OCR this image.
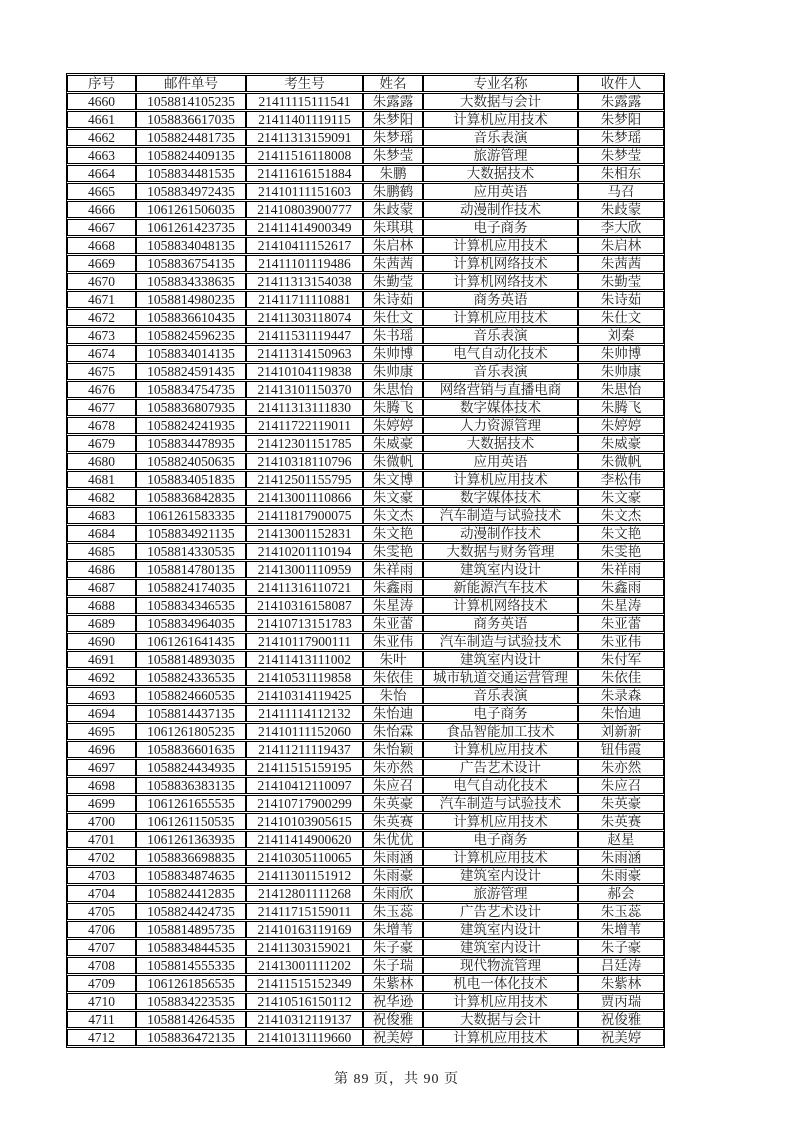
序号	邮件单号	考生号	姓名	专业名称	收件人
4660	1058814105235	21411115111541	朱露露	大数据与会计	朱露露
4661	1058836617035	21411401119115	朱梦阳	计算机应用技术	朱梦阳
4662	1058824481735	21411313159091	朱梦瑶	音乐表演	朱梦瑶
4663	1058824409135	21411516118008	朱梦莹	旅游管理	朱梦莹
4664	1058834481535	21411616151884	朱鹏	大数据技术	朱相东
4665	1058834972435	21410111151603	朱鹏鹤	应用英语	马召
4666	1061261506035	21410803900777	朱歧蒙	动漫制作技术	朱歧蒙
4667	1061261423735	21411414900349	朱琪琪	电子商务	李大欣
4668	1058834048135	21410411152617	朱启林	计算机应用技术	朱启林
4669	1058836754135	21411101119486	朱茜茜	计算机网络技术	朱茜茜
4670	1058834338635	21411313154038	朱勤莹	计算机网络技术	朱勤莹
4671	1058814980235	21411711110881	朱诗茹	商务英语	朱诗茹
4672	1058836610435	21411303118074	朱仕文	计算机应用技术	朱仕文
4673	1058824596235	21411531119447	朱书瑶	音乐表演	刘秦
4674	1058834014135	21411314150963	朱帅博	电气自动化技术	朱帅博
4675	1058824591435	21410104119838	朱帅康	音乐表演	朱帅康
4676	1058834754735	21413101150370	朱思怡	网络营销与直播电商	朱思怡
4677	1058836807935	21411313111830	朱腾飞	数字媒体技术	朱腾飞
4678	1058824241935	21411722119011	朱婷婷	人力资源管理	朱婷婷
4679	1058834478935	21412301151785	朱威豪	大数据技术	朱威豪
4680	1058824050635	21410318110796	朱微帆	应用英语	朱微帆
4681	1058834051835	21412501155795	朱文博	计算机应用技术	李松伟
4682	1058836842835	21413001110866	朱文豪	数字媒体技术	朱文豪
4683	1061261583335	21411817900075	朱文杰	汽车制造与试验技术	朱文杰
4684	1058834921135	21413001152831	朱文艳	动漫制作技术	朱文艳
4685	1058814330535	21410201110194	朱雯艳	大数据与财务管理	朱雯艳
4686	1058814780135	21413001110959	朱祥雨	建筑室内设计	朱祥雨
4687	1058824174035	21411316110721	朱鑫雨	新能源汽车技术	朱鑫雨
4688	1058834346535	21410316158087	朱星涛	计算机网络技术	朱星涛
4689	1058834964035	21410713151783	朱亚蕾	商务英语	朱亚蕾
4690	1061261641435	21410117900111	朱亚伟	汽车制造与试验技术	朱亚伟
4691	1058814893035	21411413111002	朱叶	建筑室内设计	朱付军
4692	1058824336535	21410531119858	朱依佳	城市轨道交通运营管理	朱依佳
4693	1058824660535	21410314119425	朱怡	音乐表演	朱录森
4694	1058814437135	21411114112132	朱怡迪	电子商务	朱怡迪
4695	1061261805235	21410111152060	朱怡霖	食品智能加工技术	刘新新
4696	1058836601635	21411211119437	朱怡颖	计算机应用技术	钮伟霞
4697	1058824434935	21411515159195	朱亦然	广告艺术设计	朱亦然
4698	1058836383135	21410412110097	朱应召	电气自动化技术	朱应召
4699	1061261655535	21410717900299	朱英豪	汽车制造与试验技术	朱英豪
4700	1061261150535	21410103905615	朱英赛	计算机应用技术	朱英赛
4701	1061261363935	21411414900620	朱优优	电子商务	赵星
4702	1058836698835	21410305110065	朱雨涵	计算机应用技术	朱雨涵
4703	1058834874635	21411301151912	朱雨豪	建筑室内设计	朱雨豪
4704	1058824412835	21412801111268	朱雨欣	旅游管理	郝会
4705	1058824424735	21411715159011	朱玉蕊	广告艺术设计	朱玉蕊
4706	1058814895735	21410163119169	朱增苇	建筑室内设计	朱增苇
4707	1058834844535	21411303159021	朱子豪	建筑室内设计	朱子豪
4708	1058814555335	21413001111202	朱子瑞	现代物流管理	吕廷涛
4709	1061261856535	21411515152349	朱紫林	机电一体化技术	朱紫林
4710	1058834223535	21410516150112	祝华逊	计算机应用技术	贾丙瑞
4711	1058814264535	21410312119137	祝俊雅	大数据与会计	祝俊雅
4712	1058836472135	21410131119660	祝美婷	计算机应用技术	祝美婷
第 89 页，共 90 页
